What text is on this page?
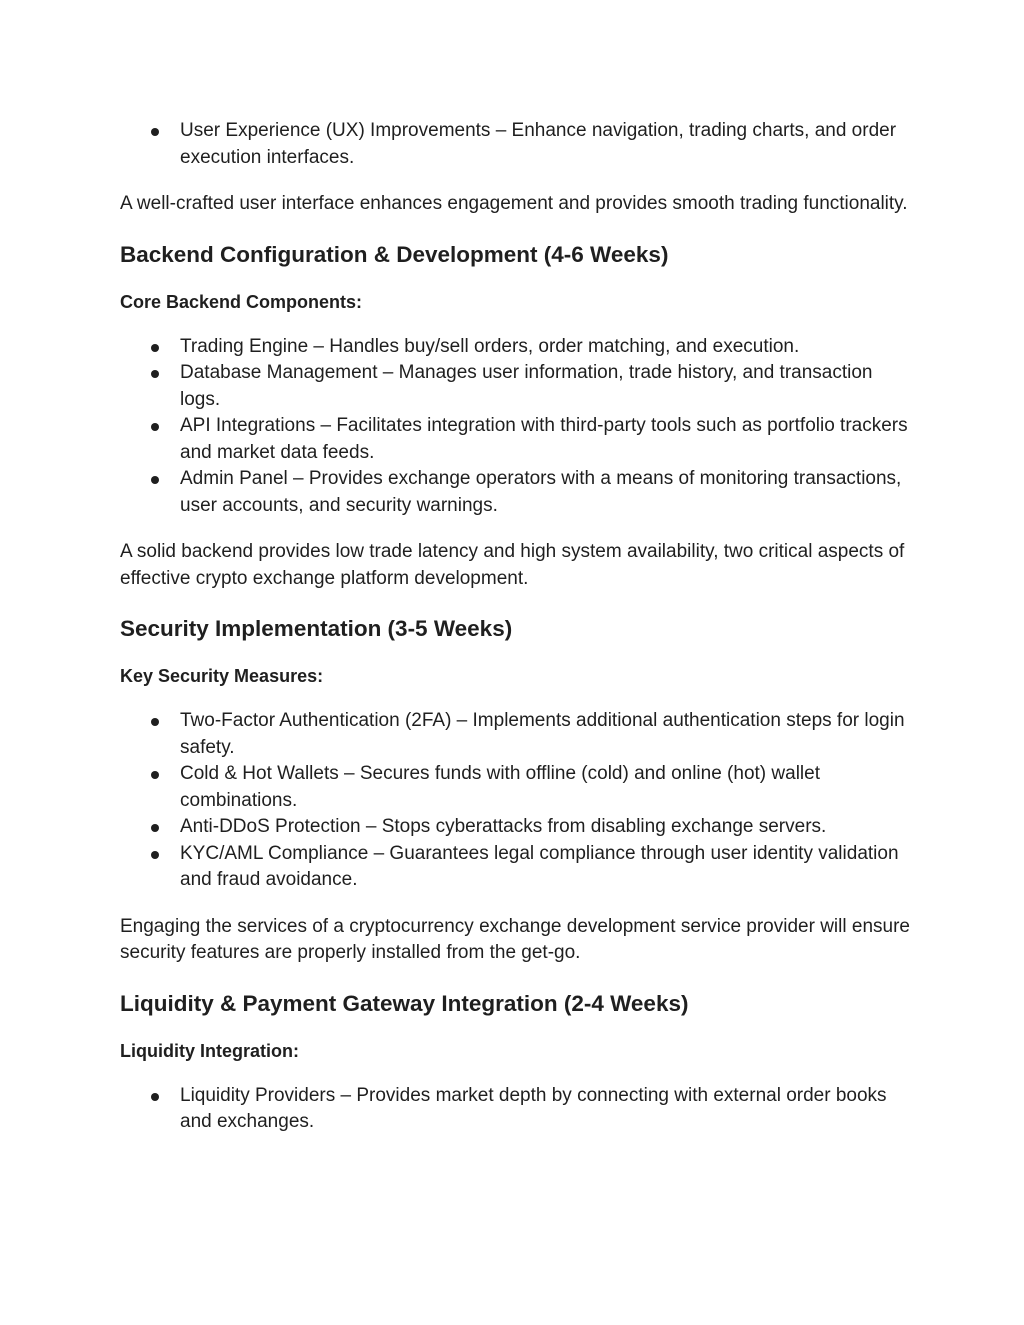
User Experience (UX) Improvements – Enhance navigation, trading charts, and order execution interfaces.

A well-crafted user interface enhances engagement and provides smooth trading functionality.

Backend Configuration & Development (4-6 Weeks)
Core Backend Components:
Trading Engine – Handles buy/sell orders, order matching, and execution.
Database Management – Manages user information, trade history, and transaction logs.
API Integrations – Facilitates integration with third-party tools such as portfolio trackers and market data feeds.
Admin Panel – Provides exchange operators with a means of monitoring transactions, user accounts, and security warnings.

A solid backend provides low trade latency and high system availability, two critical aspects of effective crypto exchange platform development.

Security Implementation (3-5 Weeks)
Key Security Measures:
Two-Factor Authentication (2FA) – Implements additional authentication steps for login safety.
Cold & Hot Wallets – Secures funds with offline (cold) and online (hot) wallet combinations.
Anti-DDoS Protection – Stops cyberattacks from disabling exchange servers.
KYC/AML Compliance – Guarantees legal compliance through user identity validation and fraud avoidance.

Engaging the services of a cryptocurrency exchange development service provider will ensure security features are properly installed from the get-go.

Liquidity & Payment Gateway Integration (2-4 Weeks)
Liquidity Integration:
Liquidity Providers – Provides market depth by connecting with external order books and exchanges.
